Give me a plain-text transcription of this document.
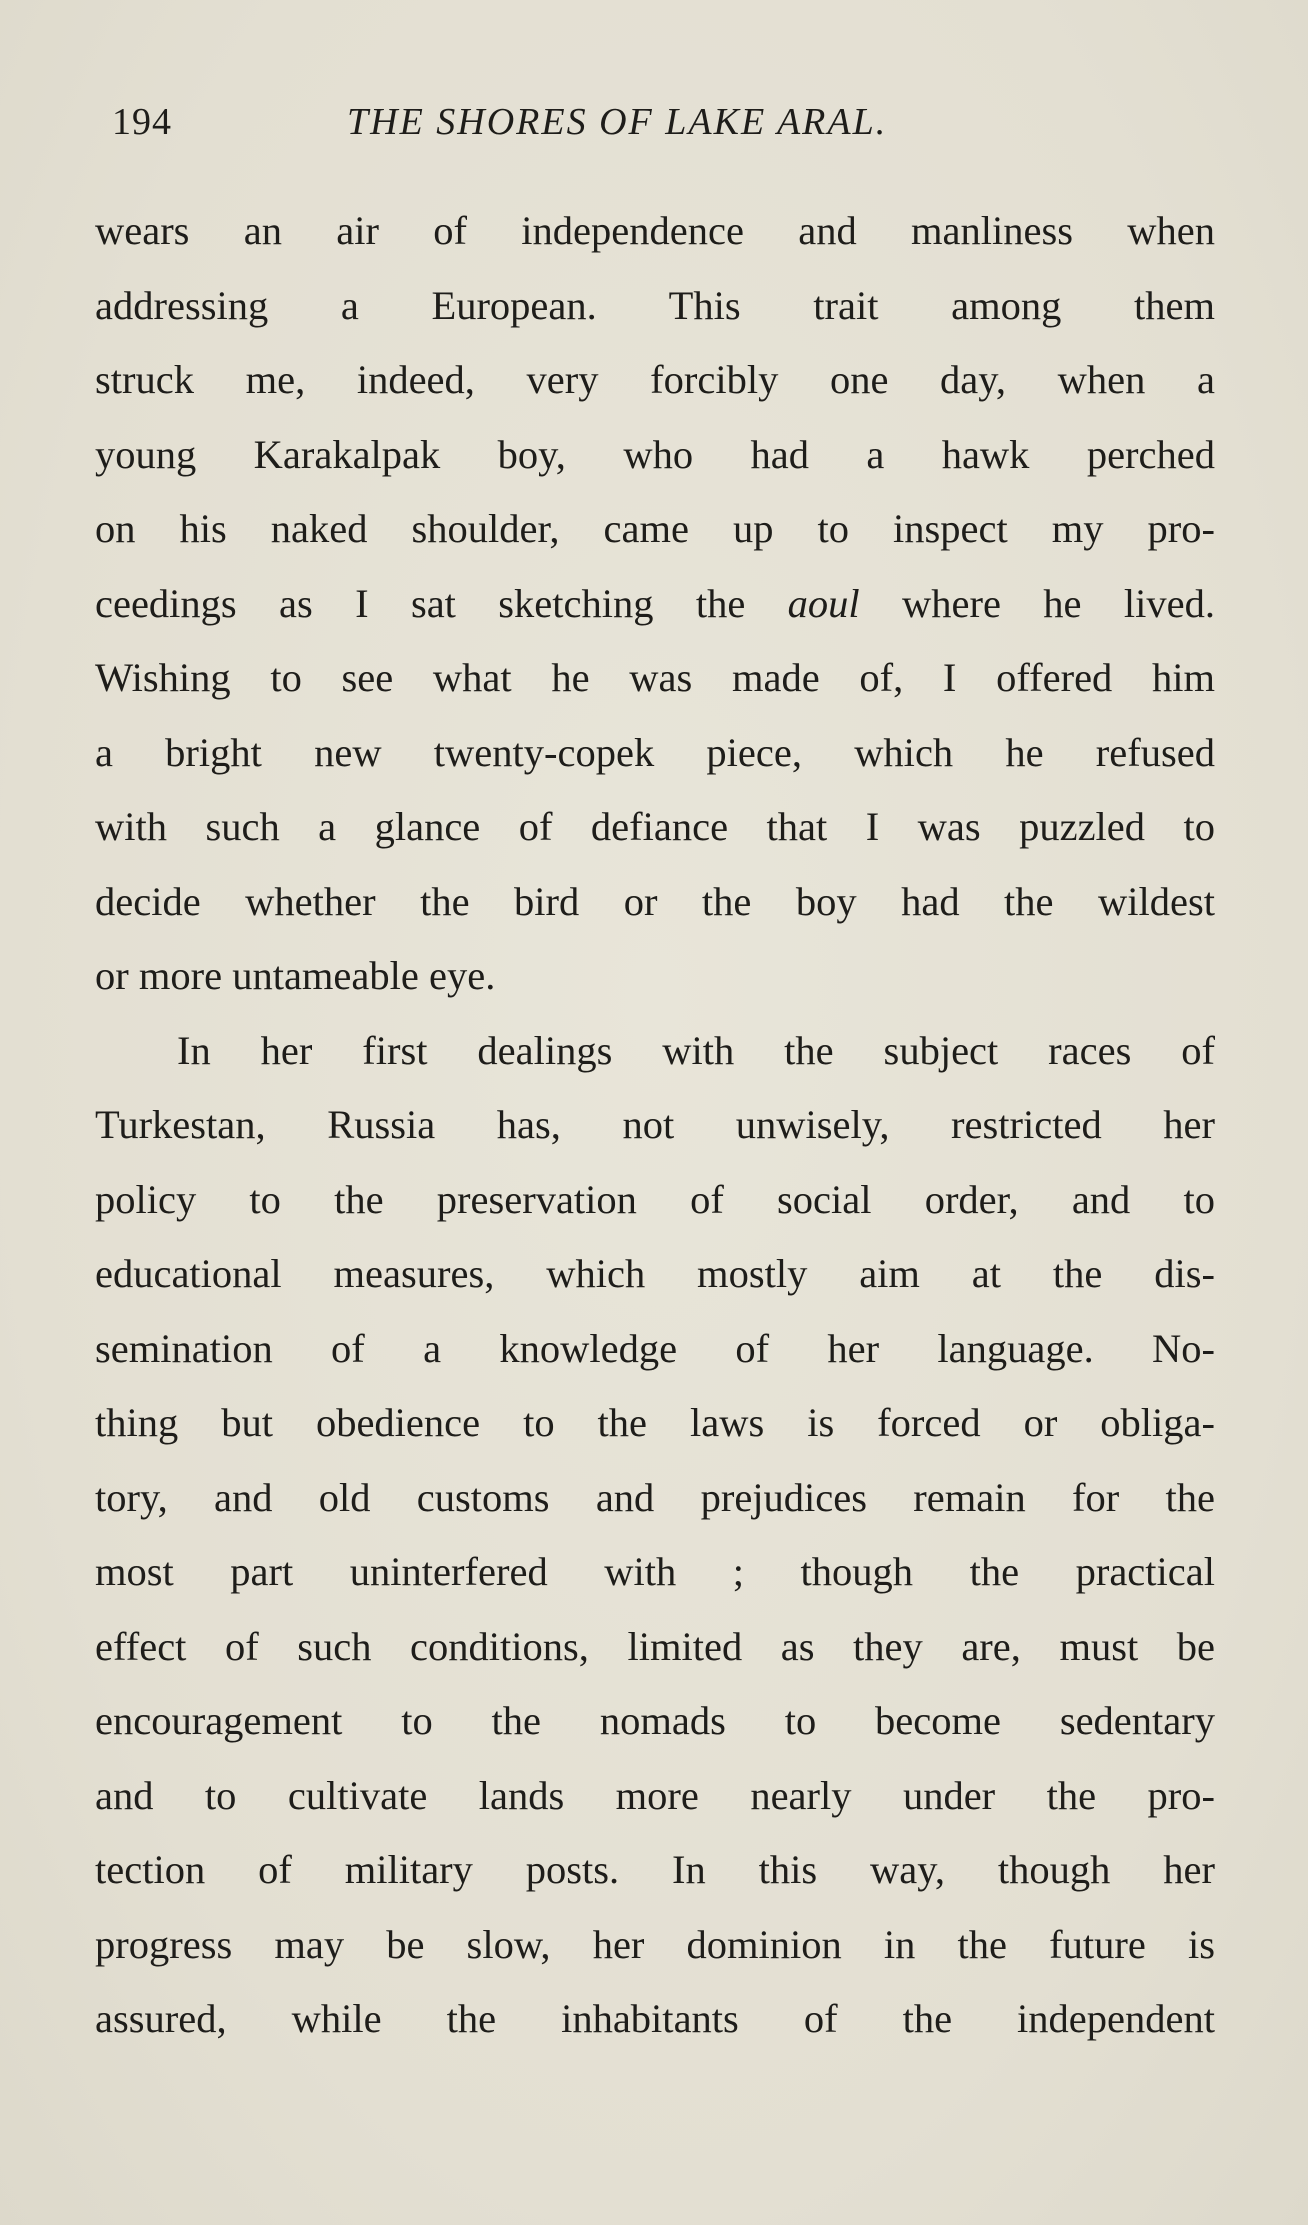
194	THE SHORES OF LAKE ARAL.
wears an air of independence and manliness when
addressing a European. This trait among them
struck me, indeed, very forcibly one day, when a
young Karakalpak boy, who had a hawk perched
on his naked shoulder, came up to inspect my pro-
ceedings as I sat sketching the aoul where he lived.
Wishing to see what he was made of, I offered him
a bright new twenty-copek piece, which he refused
with such a glance of defiance that I was puzzled to
decide whether the bird or the boy had the wildest
or more untameable eye.
In her first dealings with the subject races of
Turkestan, Russia has, not unwisely, restricted her
policy to the preservation of social order, and to
educational measures, which mostly aim at the dis-
semination of a knowledge of her language. No-
thing but obedience to the laws is forced or obliga-
tory, and old customs and prejudices remain for the
most part uninterfered with ; though the practical
effect of such conditions, limited as they are, must be
encouragement to the nomads to become sedentary
and to cultivate lands more nearly under the pro-
tection of military posts. In this way, though her
progress may be slow, her dominion in the future is
assured, while the inhabitants of the independent
